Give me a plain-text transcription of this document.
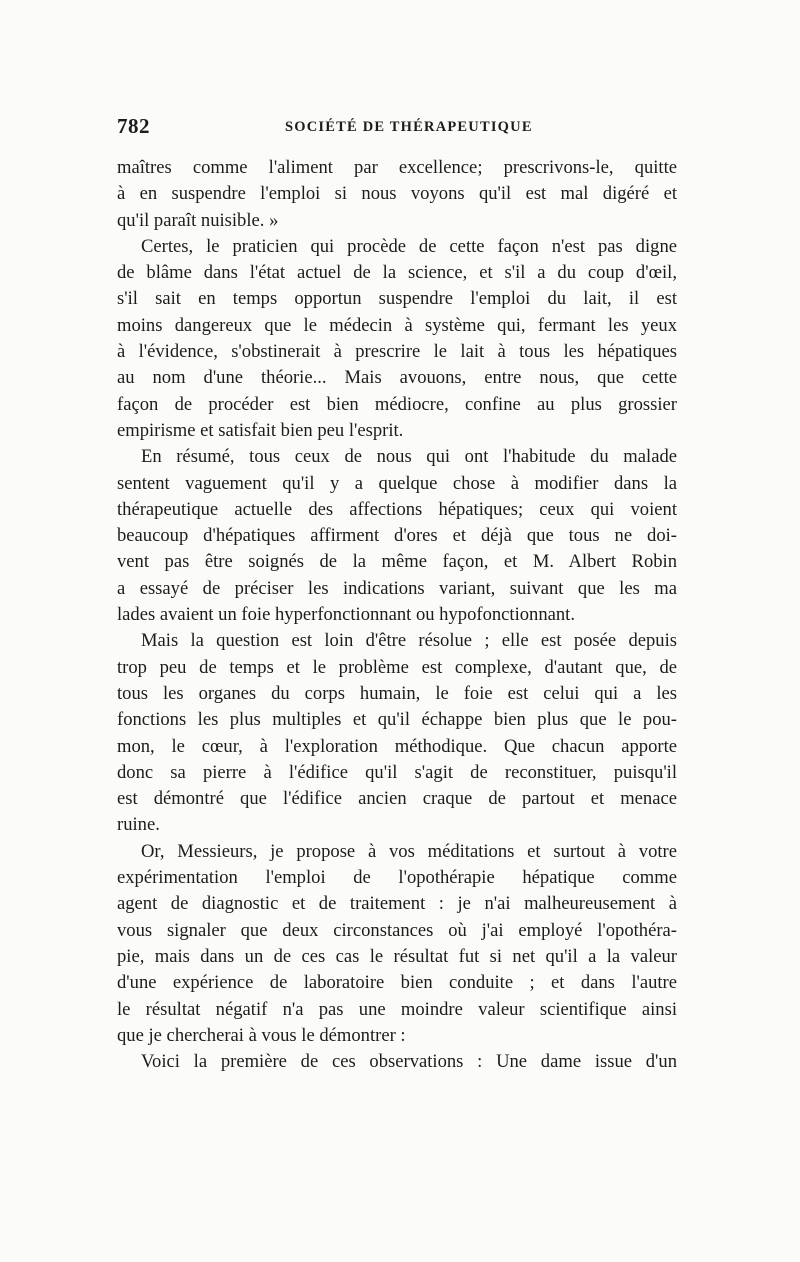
782	SOCIÉTÉ DE THÉRAPEUTIQUE
maîtres comme l'aliment par excellence; prescrivons-le, quitte
à en suspendre l'emploi si nous voyons qu'il est mal digéré et
qu'il paraît nuisible. »
Certes, le praticien qui procède de cette façon n'est pas digne
de blâme dans l'état actuel de la science, et s'il a du coup d'œil,
s'il sait en temps opportun suspendre l'emploi du lait, il est
moins dangereux que le médecin à système qui, fermant les yeux
à l'évidence, s'obstinerait à prescrire le lait à tous les hépatiques
au nom d'une théorie... Mais avouons, entre nous, que cette
façon de procéder est bien médiocre, confine au plus grossier
empirisme et satisfait bien peu l'esprit.
En résumé, tous ceux de nous qui ont l'habitude du malade
sentent vaguement qu'il y a quelque chose à modifier dans la
thérapeutique actuelle des affections hépatiques; ceux qui voient
beaucoup d'hépatiques affirment d'ores et déjà que tous ne doi-
vent pas être soignés de la même façon, et M. Albert Robin
a essayé de préciser les indications variant, suivant que les ma
lades avaient un foie hyperfonctionnant ou hypofonctionnant.
Mais la question est loin d'être résolue ; elle est posée depuis
trop peu de temps et le problème est complexe, d'autant que, de
tous les organes du corps humain, le foie est celui qui a les
fonctions les plus multiples et qu'il échappe bien plus que le pou-
mon, le cœur, à l'exploration méthodique. Que chacun apporte
donc sa pierre à l'édifice qu'il s'agit de reconstituer, puisqu'il
est démontré que l'édifice ancien craque de partout et menace
ruine.
Or, Messieurs, je propose à vos méditations et surtout à votre
expérimentation l'emploi de l'opothérapie hépatique comme
agent de diagnostic et de traitement : je n'ai malheureusement à
vous signaler que deux circonstances où j'ai employé l'opothéra-
pie, mais dans un de ces cas le résultat fut si net qu'il a la valeur
d'une expérience de laboratoire bien conduite ; et dans l'autre
le résultat négatif n'a pas une moindre valeur scientifique ainsi
que je chercherai à vous le démontrer :
Voici la première de ces observations : Une dame issue d'un
